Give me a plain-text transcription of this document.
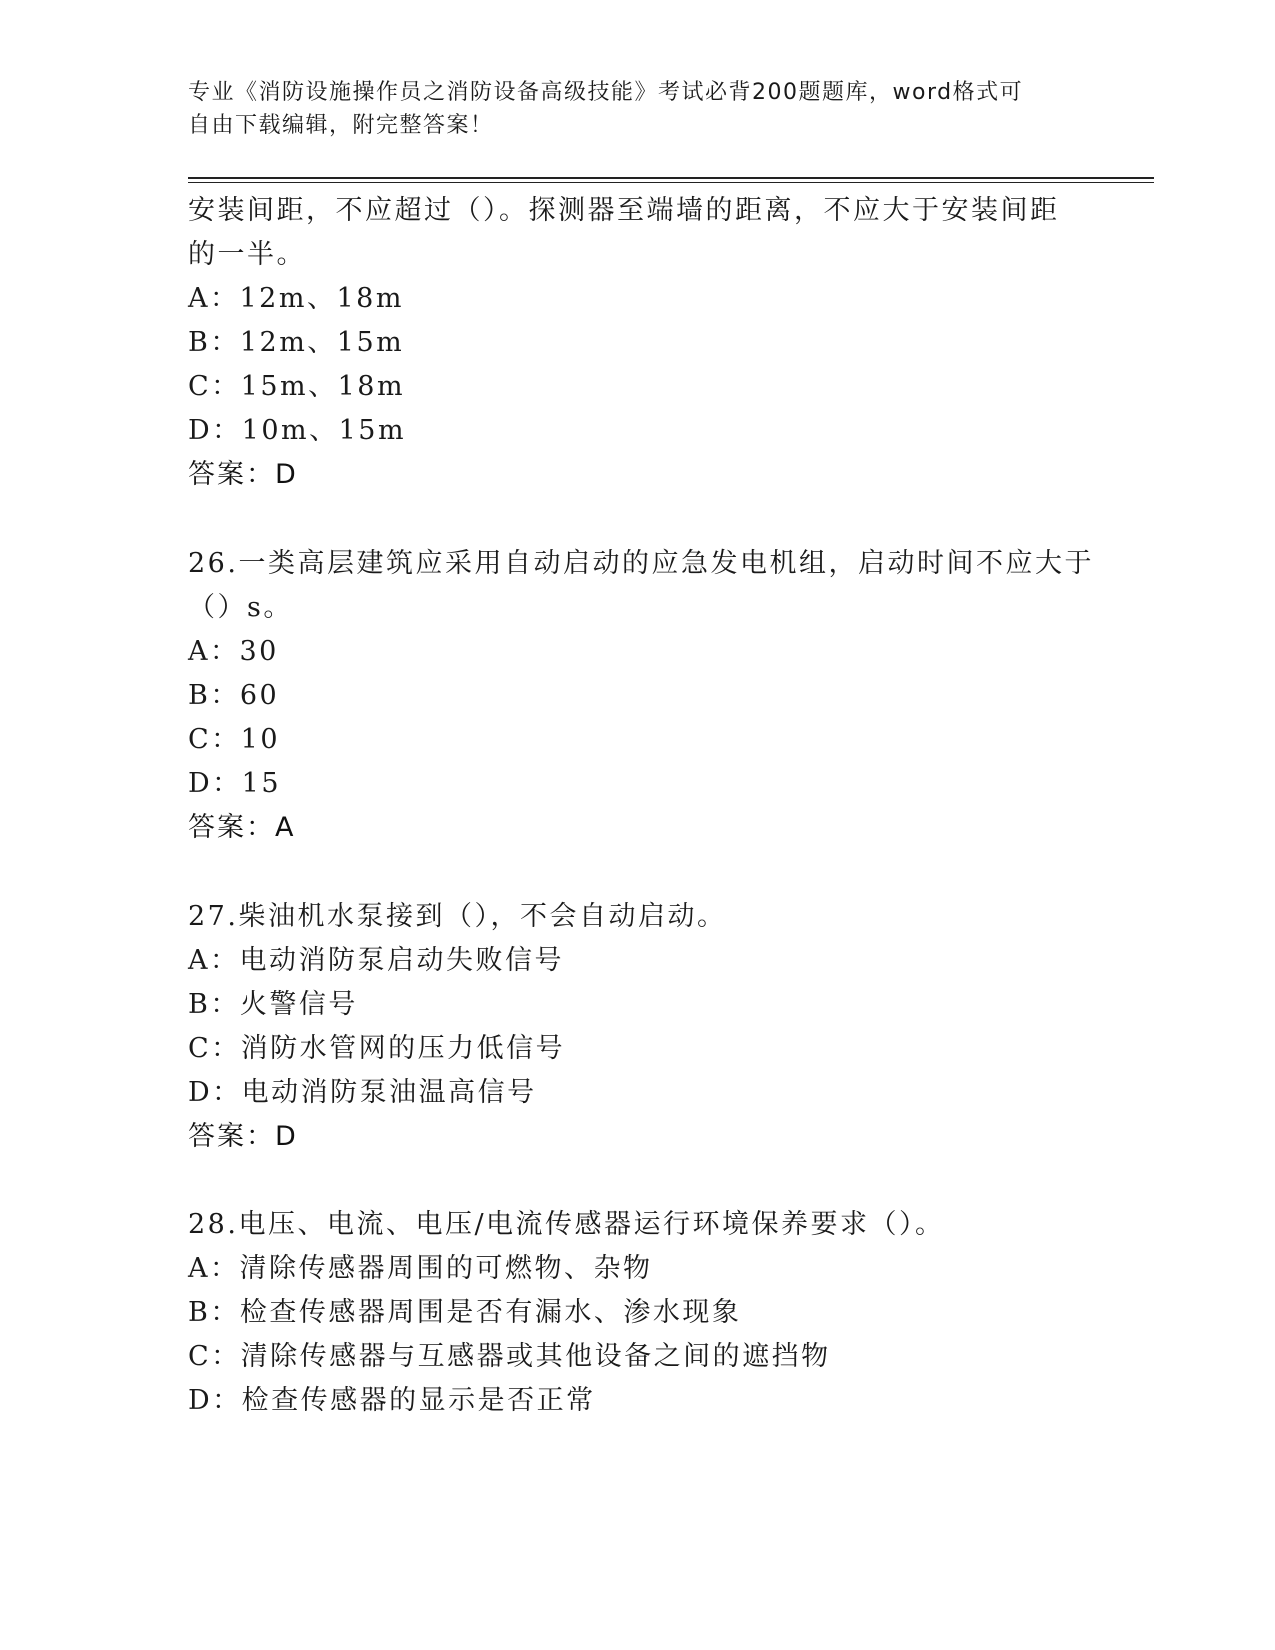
专业《消防设施操作员之消防设备高级技能》考试必背200题题库，word格式可
自由下载编辑，附完整答案！
安装间距，不应超过（）。探测器至端墙的距离，不应大于安装间距
的一半。
A：12m、18m
B：12m、15m
C：15m、18m
D：10m、15m
答案：D
26.一类高层建筑应采用自动启动的应急发电机组，启动时间不应大于
（）s。
A：30
B：60
C：10
D：15
答案：A
27.柴油机水泵接到（），不会自动启动。
A：电动消防泵启动失败信号
B：火警信号
C：消防水管网的压力低信号
D：电动消防泵油温高信号
答案：D
28.电压、电流、电压/电流传感器运行环境保养要求（）。
A：清除传感器周围的可燃物、杂物
B：检查传感器周围是否有漏水、渗水现象
C：清除传感器与互感器或其他设备之间的遮挡物
D：检查传感器的显示是否正常
